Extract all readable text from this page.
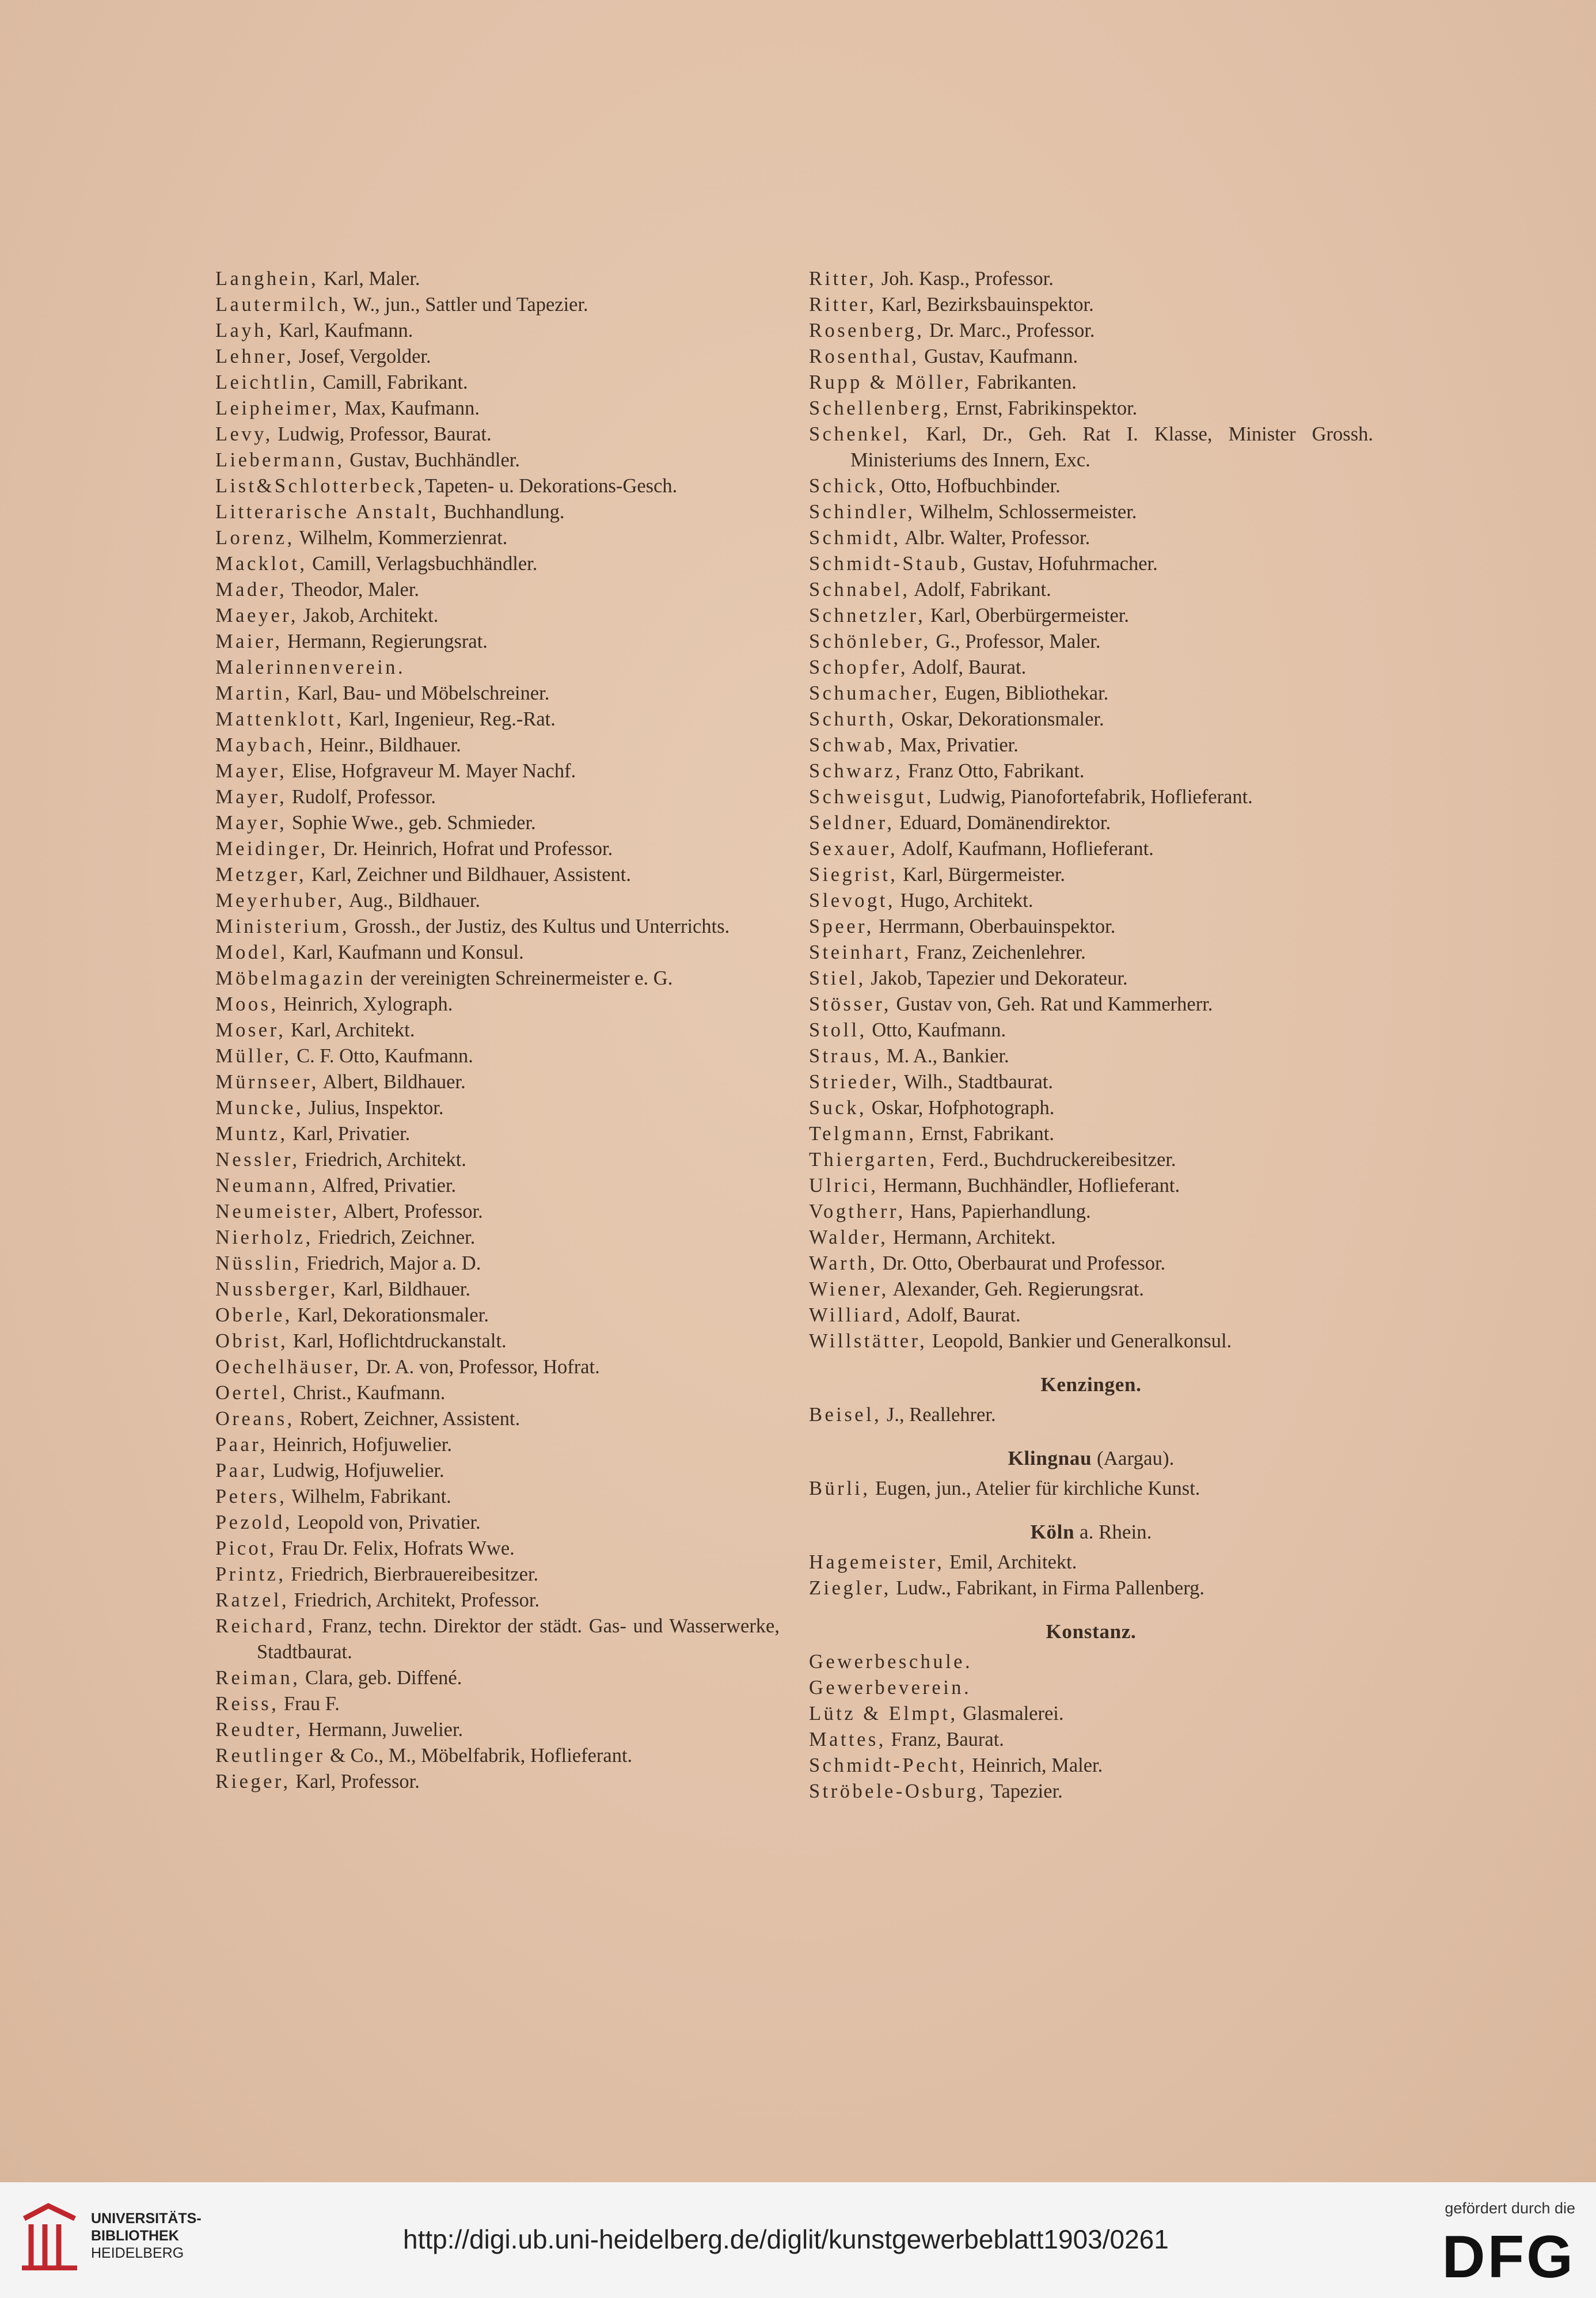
Langhein, Karl, Maler.
Lautermilch, W., jun., Sattler und Tapezier.
Layh, Karl, Kaufmann.
Lehner, Josef, Vergolder.
Leichtlin, Camill, Fabrikant.
Leipheimer, Max, Kaufmann.
Levy, Ludwig, Professor, Baurat.
Liebermann, Gustav, Buchhändler.
List&Schlotterbeck,Tapeten- u. Dekorations-Gesch.
Litterarische Anstalt, Buchhandlung.
Lorenz, Wilhelm, Kommerzienrat.
Macklot, Camill, Verlagsbuchhändler.
Mader, Theodor, Maler.
Maeyer, Jakob, Architekt.
Maier, Hermann, Regierungsrat.
Malerinnenverein.
Martin, Karl, Bau- und Möbelschreiner.
Mattenklott, Karl, Ingenieur, Reg.-Rat.
Maybach, Heinr., Bildhauer.
Mayer, Elise, Hofgraveur M. Mayer Nachf.
Mayer, Rudolf, Professor.
Mayer, Sophie Wwe., geb. Schmieder.
Meidinger, Dr. Heinrich, Hofrat und Professor.
Metzger, Karl, Zeichner und Bildhauer, Assistent.
Meyerhuber, Aug., Bildhauer.
Ministerium, Grossh., der Justiz, des Kultus und Unterrichts.
Model, Karl, Kaufmann und Konsul.
Möbelmagazin der vereinigten Schreinermeister e. G.
Moos, Heinrich, Xylograph.
Moser, Karl, Architekt.
Müller, C. F. Otto, Kaufmann.
Mürnseer, Albert, Bildhauer.
Muncke, Julius, Inspektor.
Muntz, Karl, Privatier.
Nessler, Friedrich, Architekt.
Neumann, Alfred, Privatier.
Neumeister, Albert, Professor.
Nierholz, Friedrich, Zeichner.
Nüsslin, Friedrich, Major a. D.
Nussberger, Karl, Bildhauer.
Oberle, Karl, Dekorationsmaler.
Obrist, Karl, Hoflichtdruckanstalt.
Oechelhäuser, Dr. A. von, Professor, Hofrat.
Oertel, Christ., Kaufmann.
Oreans, Robert, Zeichner, Assistent.
Paar, Heinrich, Hofjuwelier.
Paar, Ludwig, Hofjuwelier.
Peters, Wilhelm, Fabrikant.
Pezold, Leopold von, Privatier.
Picot, Frau Dr. Felix, Hofrats Wwe.
Printz, Friedrich, Bierbrauereibesitzer.
Ratzel, Friedrich, Architekt, Professor.
Reichard, Franz, techn. Direktor der städt. Gas- und Wasserwerke, Stadtbaurat.
Reiman, Clara, geb. Diffené.
Reiss, Frau F.
Reudter, Hermann, Juwelier.
Reutlinger & Co., M., Möbelfabrik, Hoflieferant.
Rieger, Karl, Professor.
Ritter, Joh. Kasp., Professor.
Ritter, Karl, Bezirksbauinspektor.
Rosenberg, Dr. Marc., Professor.
Rosenthal, Gustav, Kaufmann.
Rupp & Möller, Fabrikanten.
Schellenberg, Ernst, Fabrikinspektor.
Schenkel, Karl, Dr., Geh. Rat I. Klasse, Minister Grossh. Ministeriums des Innern, Exc.
Schick, Otto, Hofbuchbinder.
Schindler, Wilhelm, Schlossermeister.
Schmidt, Albr. Walter, Professor.
Schmidt-Staub, Gustav, Hofuhrmacher.
Schnabel, Adolf, Fabrikant.
Schnetzler, Karl, Oberbürgermeister.
Schönleber, G., Professor, Maler.
Schopfer, Adolf, Baurat.
Schumacher, Eugen, Bibliothekar.
Schurth, Oskar, Dekorationsmaler.
Schwab, Max, Privatier.
Schwarz, Franz Otto, Fabrikant.
Schweisgut, Ludwig, Pianofortefabrik, Hoflieferant.
Seldner, Eduard, Domänendirektor.
Sexauer, Adolf, Kaufmann, Hoflieferant.
Siegrist, Karl, Bürgermeister.
Slevogt, Hugo, Architekt.
Speer, Herrmann, Oberbauinspektor.
Steinhart, Franz, Zeichenlehrer.
Stiel, Jakob, Tapezier und Dekorateur.
Stösser, Gustav von, Geh. Rat und Kammerherr.
Stoll, Otto, Kaufmann.
Straus, M. A., Bankier.
Strieder, Wilh., Stadtbaurat.
Suck, Oskar, Hofphotograph.
Telgmann, Ernst, Fabrikant.
Thiergarten, Ferd., Buchdruckereibesitzer.
Ulrici, Hermann, Buchhändler, Hoflieferant.
Vogtherr, Hans, Papierhandlung.
Walder, Hermann, Architekt.
Warth, Dr. Otto, Oberbaurat und Professor.
Wiener, Alexander, Geh. Regierungsrat.
Williard, Adolf, Baurat.
Willstätter, Leopold, Bankier und Generalkonsul.
Kenzingen.
Beisel, J., Reallehrer.
Klingnau (Aargau).
Bürli, Eugen, jun., Atelier für kirchliche Kunst.
Köln a. Rhein.
Hagemeister, Emil, Architekt.
Ziegler, Ludw., Fabrikant, in Firma Pallenberg.
Konstanz.
Gewerbeschule.
Gewerbeverein.
Lütz & Elmpt, Glasmalerei.
Mattes, Franz, Baurat.
Schmidt-Pecht, Heinrich, Maler.
Ströbele-Osburg, Tapezier.
UNIVERSITÄTS-
BIBLIOTHEK
HEIDELBERG	http://digi.ub.uni-heidelberg.de/diglit/kunstgewerbeblatt1903/0261
gefördert durch die
DFG
